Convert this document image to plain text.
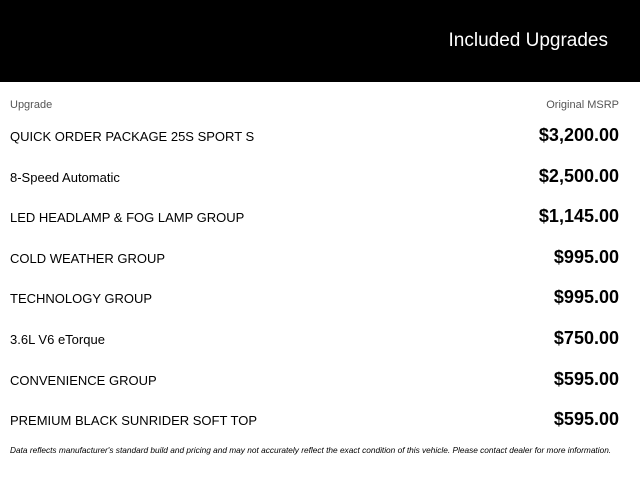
Included Upgrades
Upgrade	Original MSRP
QUICK ORDER PACKAGE 25S SPORT S	$3,200.00
8-Speed Automatic	$2,500.00
LED HEADLAMP & FOG LAMP GROUP	$1,145.00
COLD WEATHER GROUP	$995.00
TECHNOLOGY GROUP	$995.00
3.6L V6 eTorque	$750.00
CONVENIENCE GROUP	$595.00
PREMIUM BLACK SUNRIDER SOFT TOP	$595.00
Data reflects manufacturer's standard build and pricing and may not accurately reflect the exact condition of this vehicle. Please contact dealer for more information.
